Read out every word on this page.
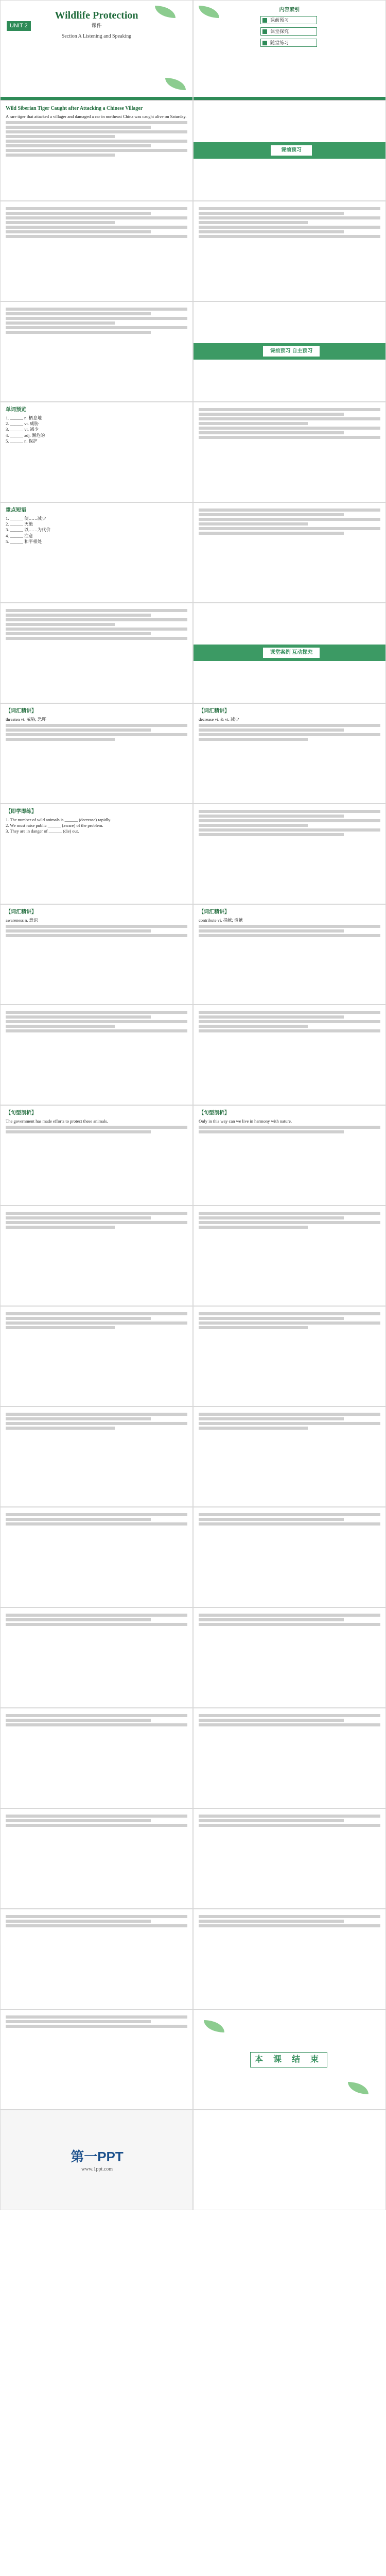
Wildlife Protection
课件
UNIT 2
Section A Listening and Speaking
内容索引
课前预习
课堂探究
随堂练习
Wild Siberian Tiger Caught after Attacking a Chinese Villager
A rare tiger that attacked a villager and damaged a car in northeast China was caught alive on Saturday.
课前预习
课前预习 自主预习
单词预览
1. ______ n. 栖息地
2. ______ vt. 威胁
3. ______ vt. 减少
4. ______ adj. 濒危的
5. ______ n. 保护
重点短语
1. ______ 使……减少
2. ______ 灭绝
3. ______ 以……为代价
4. ______ 注意
5. ______ 和平相处
课堂案例 互动探究
【词汇精讲】
threaten vt. 威胁; 恐吓
【词汇精讲】
decrease vi. & vt. 减少
【即学即练】
1. The number of wild animals is ______ (decrease) rapidly.
2. We must raise public ______ (aware) of the problem.
3. They are in danger of ______ (die) out.
【词汇精讲】
awareness n. 意识
【词汇精讲】
contribute vi. 捐献; 贡献
【句型剖析】
The government has made efforts to protect these animals.
【句型剖析】
Only in this way can we live in harmony with nature.
本 课 结 束
第一PPT
www.1ppt.com
